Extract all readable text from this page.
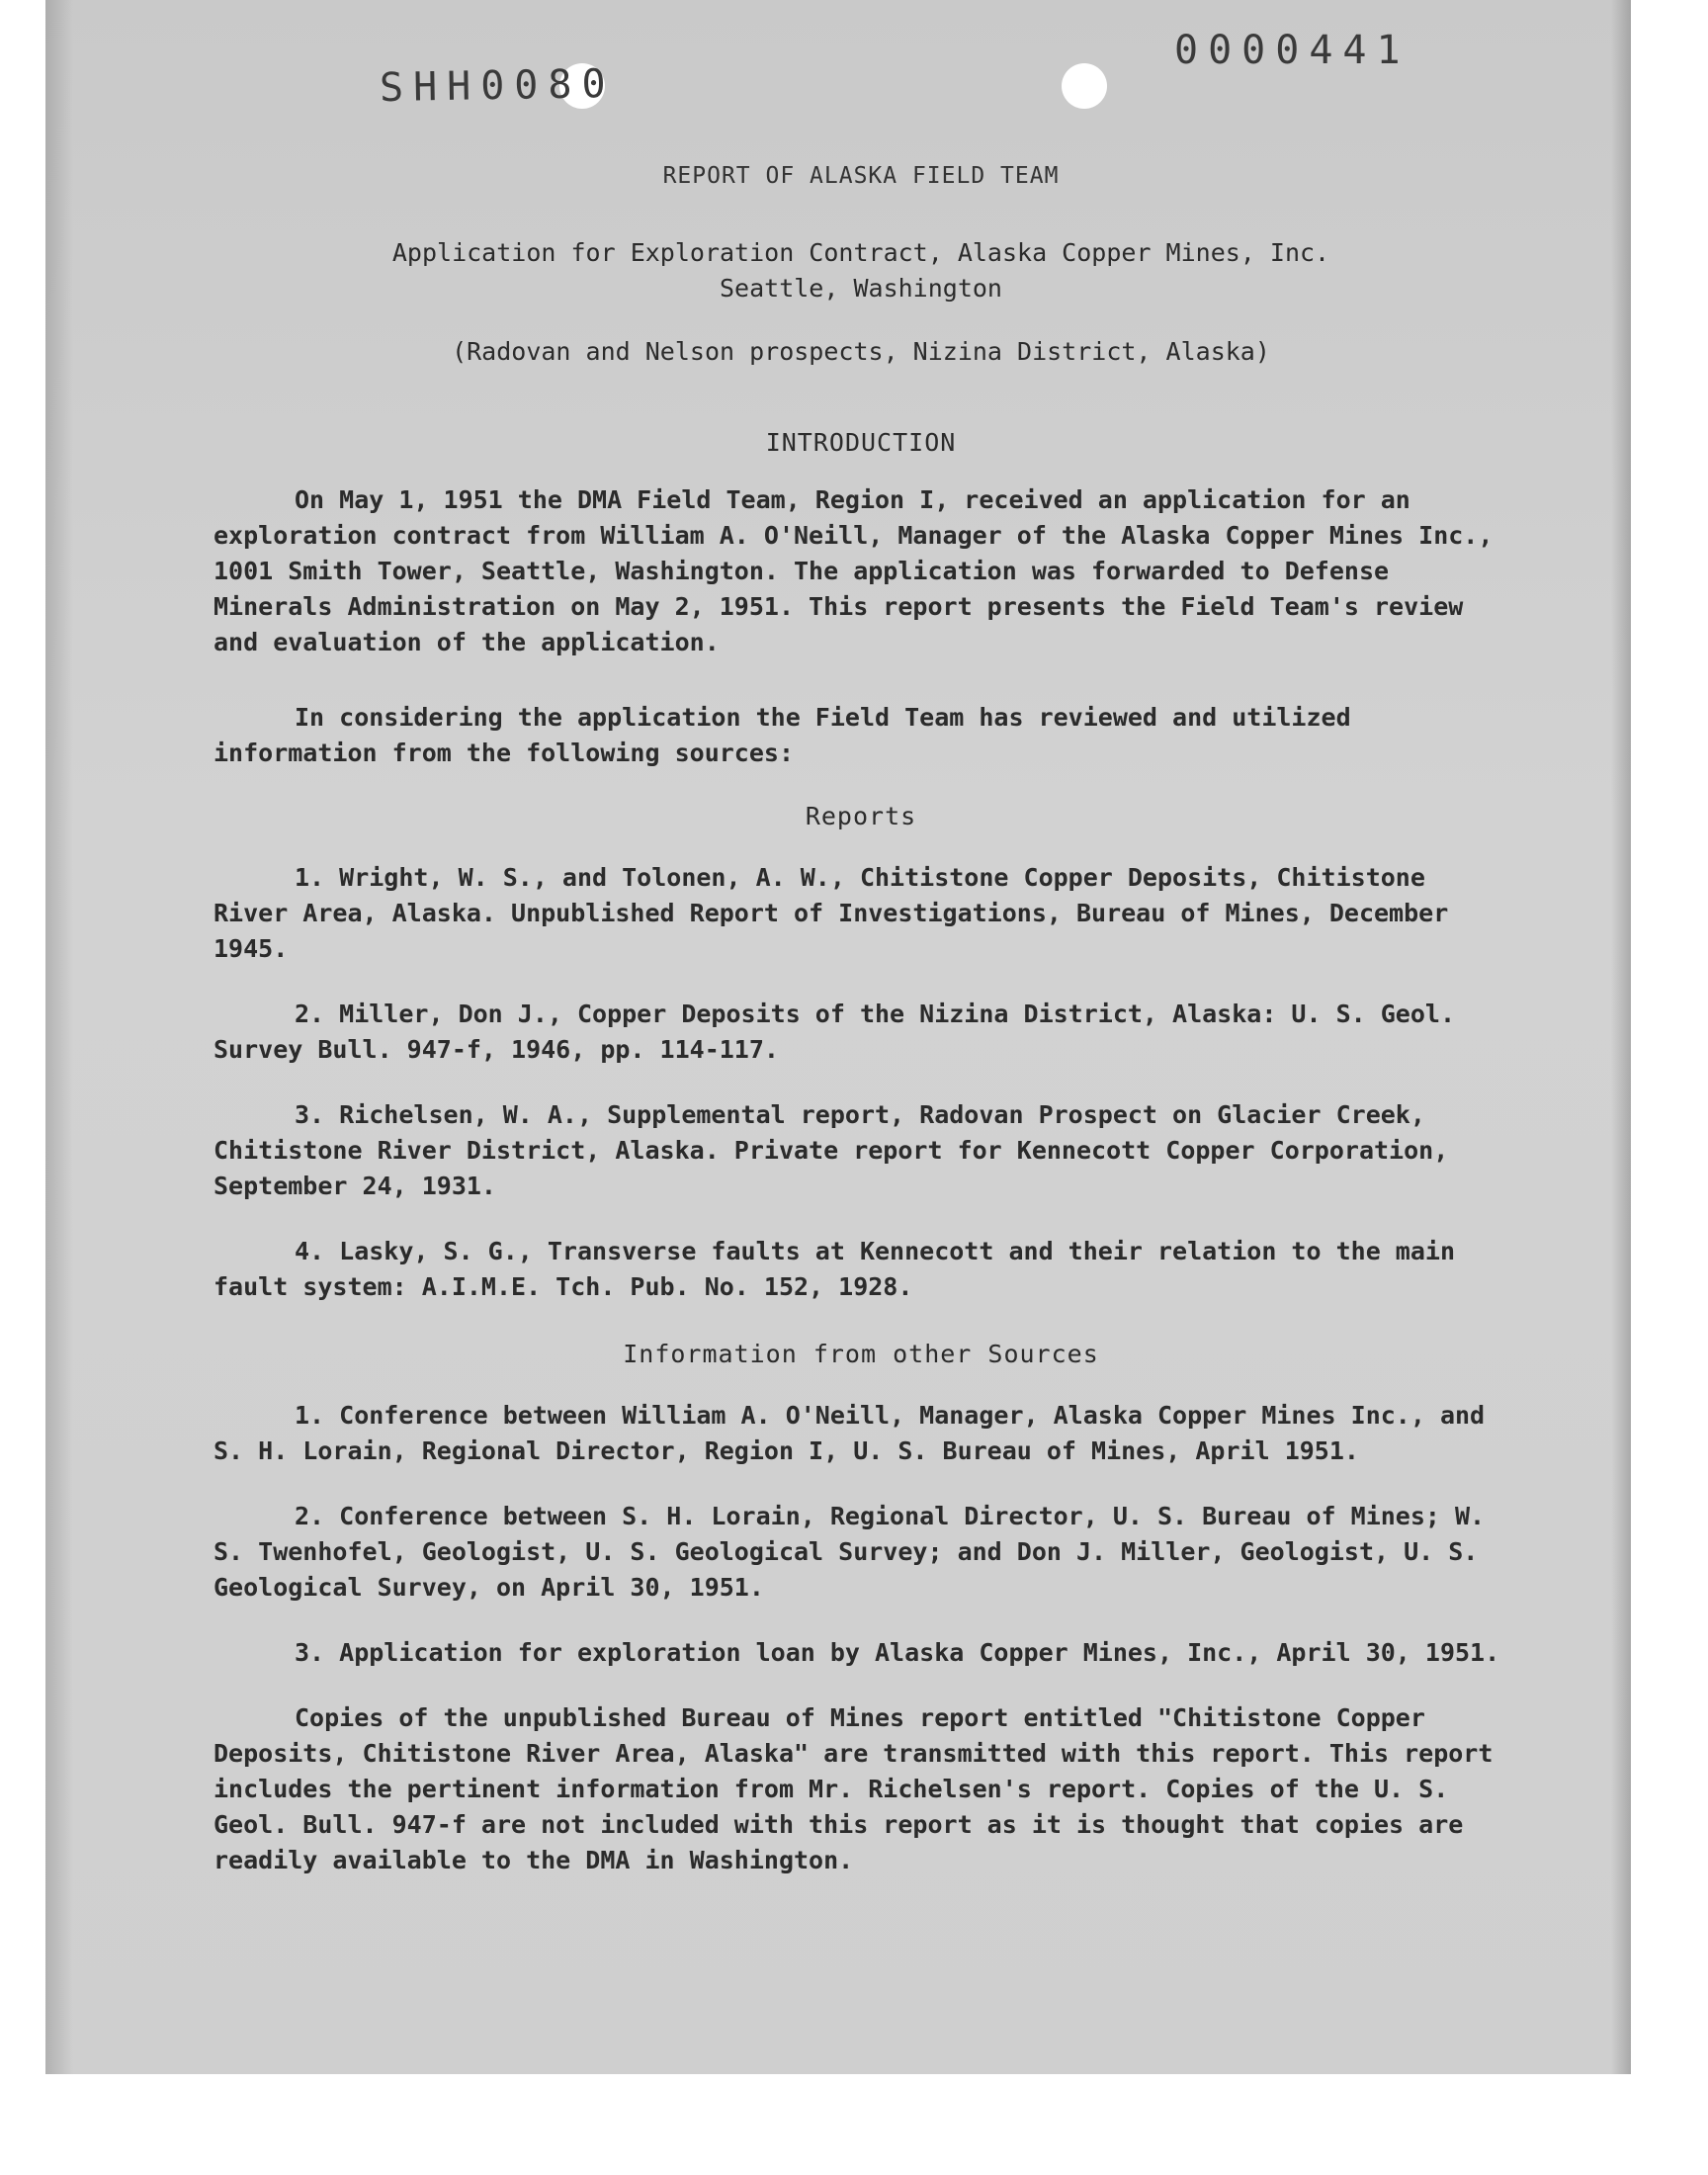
SHH0080
0000441
REPORT OF ALASKA FIELD TEAM
Application for Exploration Contract, Alaska Copper Mines, Inc.
Seattle, Washington
(Radovan and Nelson prospects, Nizina District, Alaska)
INTRODUCTION

On May 1, 1951 the DMA Field Team, Region I, received an application for an exploration contract from William A. O'Neill, Manager of the Alaska Copper Mines Inc., 1001 Smith Tower, Seattle, Washington. The application was forwarded to Defense Minerals Administration on May 2, 1951. This report presents the Field Team's review and evaluation of the application.

In considering the application the Field Team has reviewed and utilized information from the following sources:

Reports

1. Wright, W. S., and Tolonen, A. W., Chitistone Copper Deposits, Chitistone River Area, Alaska. Unpublished Report of Investigations, Bureau of Mines, December 1945.

2. Miller, Don J., Copper Deposits of the Nizina District, Alaska: U. S. Geol. Survey Bull. 947-f, 1946, pp. 114-117.

3. Richelsen, W. A., Supplemental report, Radovan Prospect on Glacier Creek, Chitistone River District, Alaska. Private report for Kennecott Copper Corporation, September 24, 1931.

4. Lasky, S. G., Transverse faults at Kennecott and their relation to the main fault system: A.I.M.E. Tch. Pub. No. 152, 1928.

Information from other Sources

1. Conference between William A. O'Neill, Manager, Alaska Copper Mines Inc., and S. H. Lorain, Regional Director, Region I, U. S. Bureau of Mines, April 1951.

2. Conference between S. H. Lorain, Regional Director, U. S. Bureau of Mines; W. S. Twenhofel, Geologist, U. S. Geological Survey; and Don J. Miller, Geologist, U. S. Geological Survey, on April 30, 1951.

3. Application for exploration loan by Alaska Copper Mines, Inc., April 30, 1951.

Copies of the unpublished Bureau of Mines report entitled "Chitistone Copper Deposits, Chitistone River Area, Alaska" are transmitted with this report. This report includes the pertinent information from Mr. Richelsen's report. Copies of the U. S. Geol. Bull. 947-f are not included with this report as it is thought that copies are readily available to the DMA in Washington.
